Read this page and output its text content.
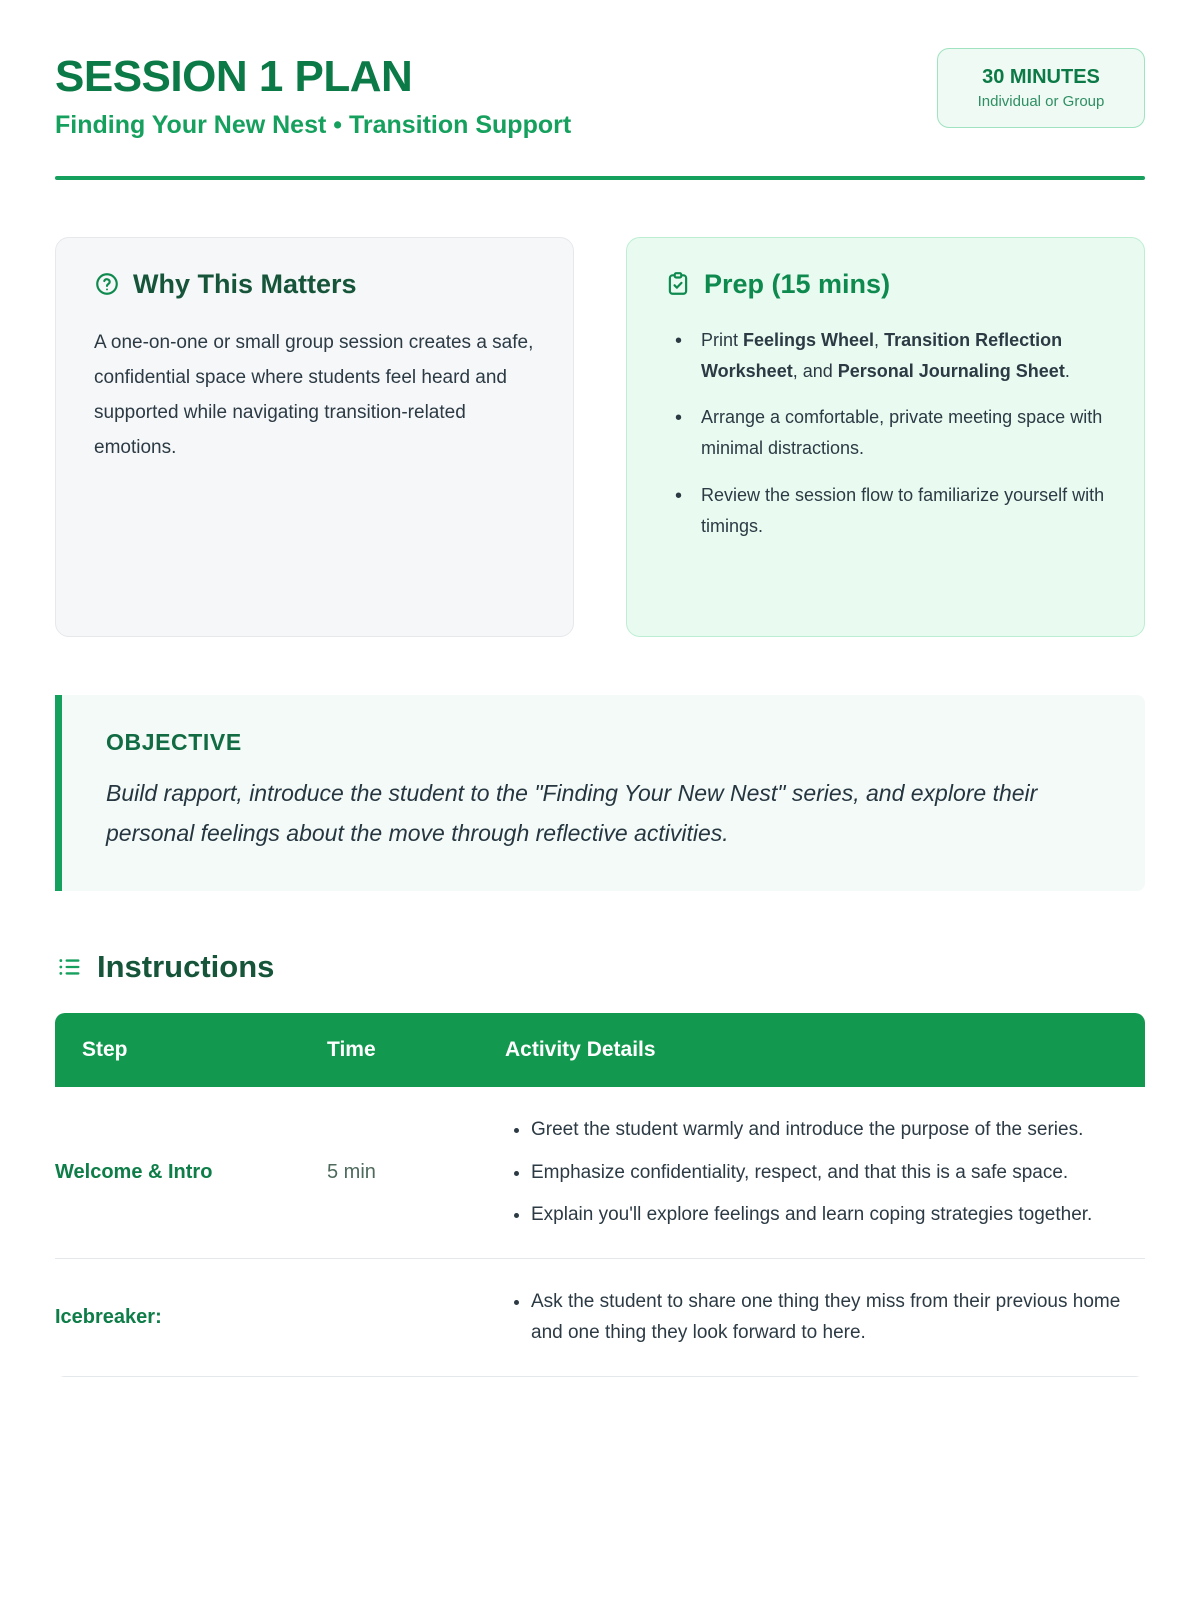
SESSION 1 PLAN
Finding Your New Nest • Transition Support
30 MINUTES
Individual or Group
Why This Matters
A one-on-one or small group session creates a safe, confidential space where students feel heard and supported while navigating transition-related emotions.
Prep (15 mins)
• Print Feelings Wheel, Transition Reflection Worksheet, and Personal Journaling Sheet.
• Arrange a comfortable, private meeting space with minimal distractions.
• Review the session flow to familiarize yourself with timings.
OBJECTIVE
Build rapport, introduce the student to the "Finding Your New Nest" series, and explore their personal feelings about the move through reflective activities.
Instructions
Step	Time	Activity Details
Welcome & Intro	5 min	
• Greet the student warmly and introduce the purpose of the series.
• Emphasize confidentiality, respect, and that this is a safe space.
• Explain you'll explore feelings and learn coping strategies together.

Icebreaker:		
• Ask the student to share one thing they miss from their previous home and one thing they look forward to here.
